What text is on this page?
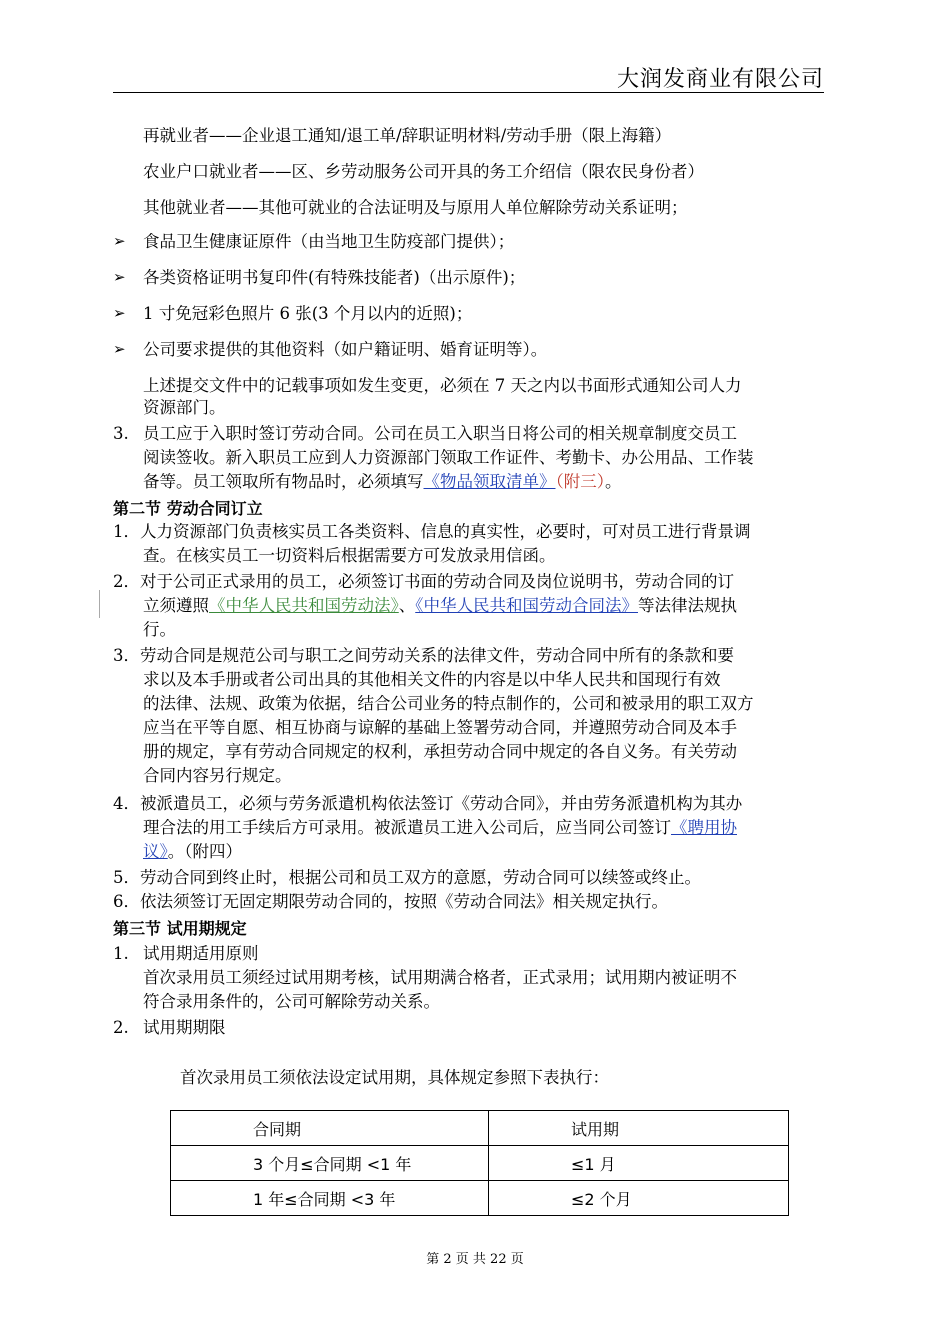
大润发商业有限公司
再就业者——企业退工通知/退工单/辞职证明材料/劳动手册（限上海籍）
农业户口就业者——区、乡劳动服务公司开具的务工介绍信（限农民身份者）
其他就业者——其他可就业的合法证明及与原用人单位解除劳动关系证明；
➢ 食品卫生健康证原件（由当地卫生防疫部门提供）；
➢ 各类资格证明书复印件(有特殊技能者)（出示原件)；
➢ 1 寸免冠彩色照片 6 张(3 个月以内的近照)；
➢ 公司要求提供的其他资料（如户籍证明、婚育证明等）。
上述提交文件中的记载事项如发生变更，必须在 7 天之内以书面形式通知公司人力
资源部门。
3. 员工应于入职时签订劳动合同。公司在员工入职当日将公司的相关规章制度交员工
阅读签收。新入职员工应到人力资源部门领取工作证件、考勤卡、办公用品、工作装
备等。员工领取所有物品时，必须填写《物品领取清单》（附三）。
第二节 劳动合同订立
1．人力资源部门负责核实员工各类资料、信息的真实性，必要时，可对员工进行背景调
查。在核实员工一切资料后根据需要方可发放录用信函。
2．对于公司正式录用的员工，必须签订书面的劳动合同及岗位说明书，劳动合同的订
立须遵照《中华人民共和国劳动法》、《中华人民共和国劳动合同法》等法律法规执
行。
3．劳动合同是规范公司与职工之间劳动关系的法律文件，劳动合同中所有的条款和要
求以及本手册或者公司出具的其他相关文件的内容是以中华人民共和国现行有效
的法律、法规、政策为依据，结合公司业务的特点制作的，公司和被录用的职工双方
应当在平等自愿、相互协商与谅解的基础上签署劳动合同，并遵照劳动合同及本手
册的规定，享有劳动合同规定的权利，承担劳动合同中规定的各自义务。有关劳动
合同内容另行规定。
4．被派遣员工，必须与劳务派遣机构依法签订《劳动合同》，并由劳务派遣机构为其办
理合法的用工手续后方可录用。被派遣员工进入公司后，应当同公司签订《聘用协
议》。（附四）
5．劳动合同到终止时，根据公司和员工双方的意愿，劳动合同可以续签或终止。
6．依法须签订无固定期限劳动合同的，按照《劳动合同法》相关规定执行。
第三节 试用期规定
1. 试用期适用原则
首次录用员工须经过试用期考核，试用期满合格者，正式录用；试用期内被证明不
符合录用条件的，公司可解除劳动关系。
2. 试用期期限
首次录用员工须依法设定试用期，具体规定参照下表执行：
合同期	试用期
3 个月≤合同期 <1 年	≤1 月
1 年≤合同期 <3 年	≤2 个月
第 2 页 共 22 页
